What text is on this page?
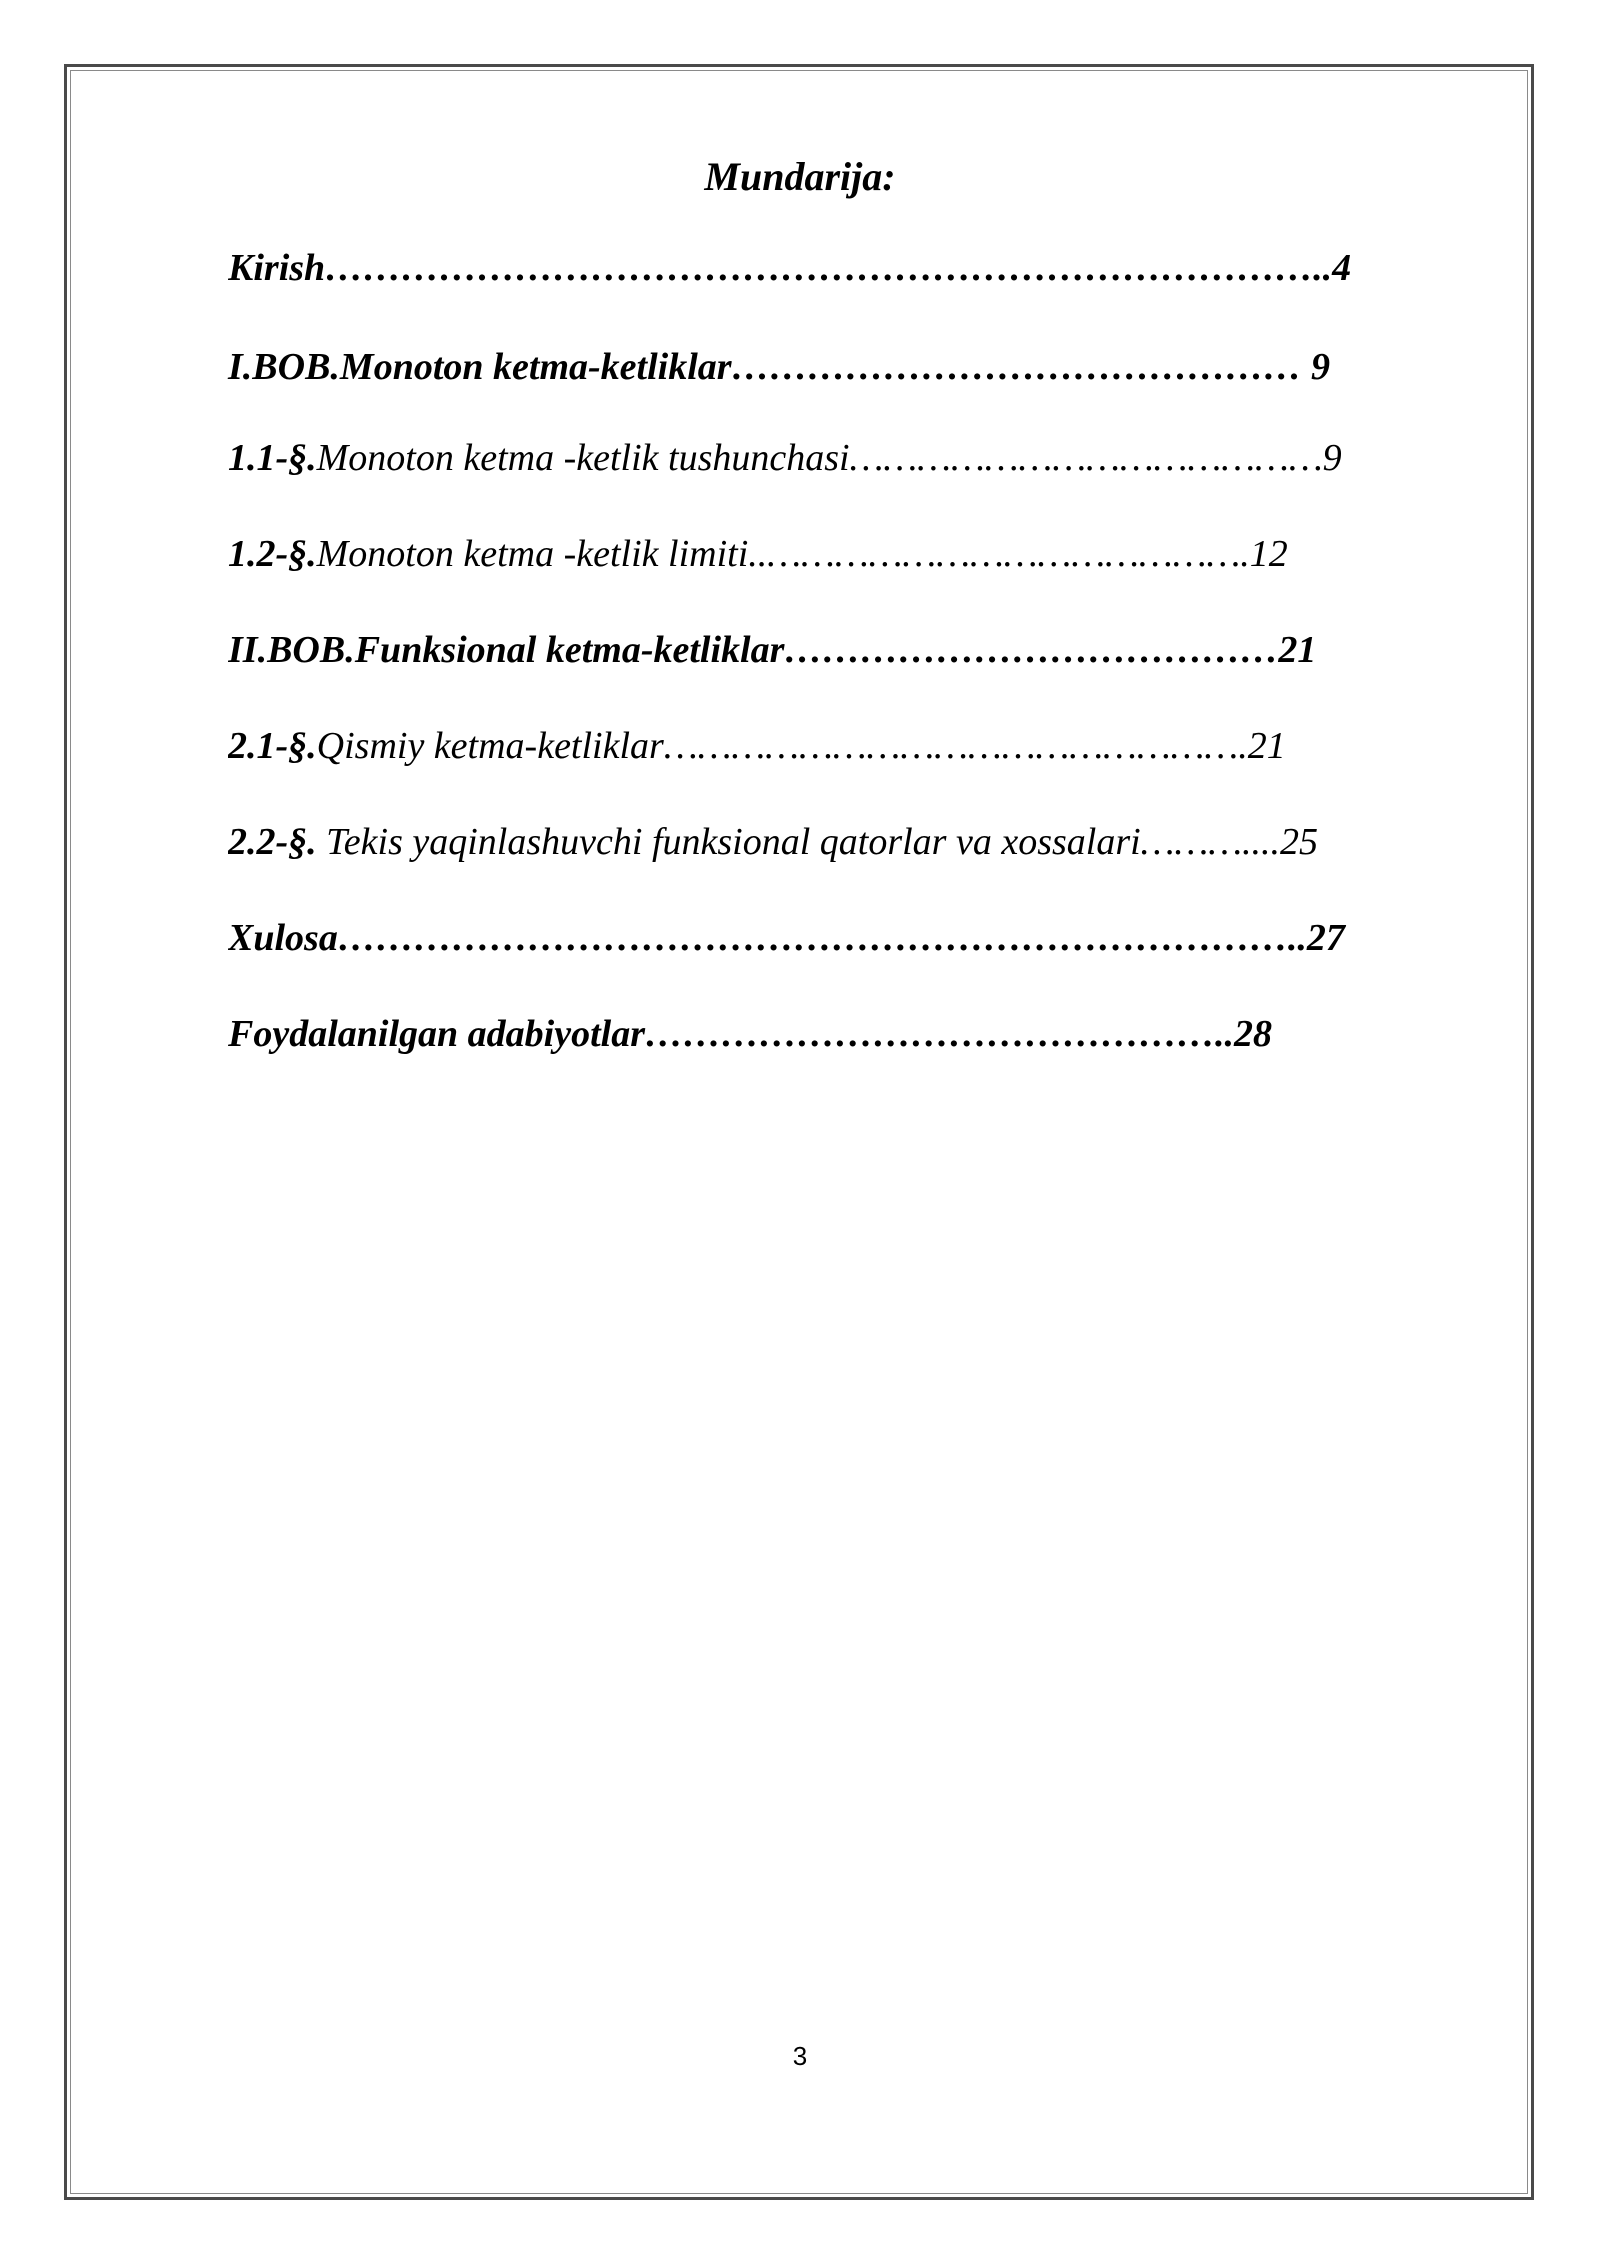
Mundarija:
Kirish……………………………………………………………………..4
I.BOB.Monoton ketma-ketliklar……………………………………… 9
1.1-§.Monoton ketma -ketlik tushunchasi……………………………………9
1.2-§.Monoton ketma -ketlik limiti..…………………………………….12
II.BOB.Funksional ketma-ketliklar…………………………………21
2.1-§.Qismiy ketma-ketliklar…………………………………………….21
2.2-§. Tekis yaqinlashuvchi funksional qatorlar va xossalari………....25
Xulosa…………………………………………………………………..27
Foydalanilgan adabiyotlar………………………………………..28
3
